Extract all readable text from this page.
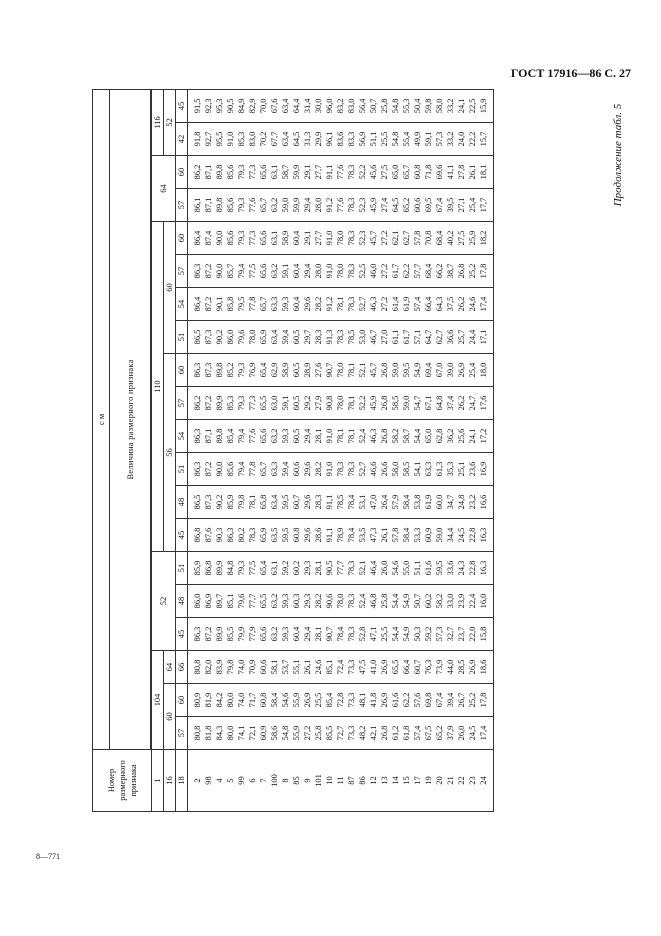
ГОСТ 17916—86 С. 27
Продолжение табл. 5
8—771
Номер размерного признака	с м																			
	Величина размерного признака																			

1	104			52			110										64		116	
16	60		64				56						60						52	
18	57	60	66	45	48	51	45	48	51	54	57	60	51	54	57	60	57	60	42	45
2	80,8	80,9	80,8	86,3	86,0	85,9	86,8	86,5	86,3	86,3	86,2	86,3	86,5	86,4	86,3	86,4	86,1	86,2	91,8	91,5
98	81,8	81,9	82,0	87,2	86,9	86,8	87,6	87,3	87,2	87,1	87,2	87,3	87,3	87,2	87,2	87,4	87,1	87,1	92,7	92,3
4	84,3	84,2	83,9	89,9	89,7	89,9	90,3	90,2	90,0	89,8	89,9	89,8	90,2	90,1	90,0	90,0	89,8	89,8	95,5	95,3
5	80,0	80,0	79,8	85,5	85,1	84,8	86,3	85,9	85,6	85,4	85,3	85,2	86,0	85,8	85,7	85,6	85,6	85,6	91,0	90,5
99	74,1	74,0	74,0	79,9	79,6	79,3	80,2	79,8	79,4	79,4	79,3	79,3	79,6	79,5	79,4	79,3	79,3	79,3	85,3	84,9
6	72,1	71,7	70,9	77,9	77,7	77,5	78,3	78,1	77,8	77,6	77,3	76,9	78,0	77,8	77,5	77,3	77,6	77,3	83,0	82,9
7	60,9	60,8	60,6	65,6	65,5	65,4	65,9	65,8	65,7	65,6	65,5	65,4	65,9	65,7	65,6	65,6	65,7	65,6	70,2	70,0
100	58,6	58,4	58,1	63,2	63,2	63,1	63,5	63,4	63,3	63,2	63,0	62,9	63,4	63,3	63,2	63,1	63,2	63,1	67,7	67,6
8	54,8	54,6	53,7	59,3	59,3	59,2	59,5	59,5	59,4	59,3	59,1	58,9	59,4	59,3	59,1	58,9	59,0	58,7	63,4	63,4
85	55,9	55,9	55,1	60,4	60,3	60,2	60,8	60,7	60,6	60,5	60,5	60,5	60,5	60,4	60,4	60,4	59,9	59,9	64,5	64,4
9	27,2	26,9	26,1	29,4	29,3	29,3	29,6	29,6	29,6	29,4	29,2	28,9	29,7	29,6	29,4	29,1	29,4	29,1	31,3	31,4
101	25,8	25,5	24,6	28,1	28,2	28,1	28,6	28,3	28,2	28,1	27,9	27,6	28,3	28,2	28,0	27,7	28,0	27,7	29,9	30,0
10	85,5	85,4	85,1	90,7	90,6	90,5	91,1	91,1	91,0	91,0	90,8	90,7	91,3	91,2	91,0	91,0	91,2	91,1	96,1	96,0
11	72,7	72,8	72,4	78,4	78,0	77,7	78,9	78,5	78,3	78,1	78,0	78,0	78,3	78,1	78,0	78,0	77,6	77,6	83,6	83,2
87	73,3	73,3	73,3	78,3	78,3	78,3	78,4	78,4	78,3	78,1	78,1	78,1	78,5	78,3	78,3	78,3	78,3	78,3	83,3	83,0
86	48,2	48,1	47,5	52,8	52,4	52,1	53,5	53,1	52,7	52,4	52,2	52,1	53,0	52,7	52,5	52,3	52,3	52,2	56,9	56,4
12	42,1	41,8	41,0	47,1	46,8	46,4	47,3	47,0	46,6	46,3	45,9	45,7	46,7	46,3	46,0	45,7	45,9	45,6	51,1	50,7
13	26,8	26,9	26,9	25,5	25,8	26,0	26,1	26,4	26,6	26,8	26,8	26,8	27,0	27,2	27,2	27,2	27,4	27,5	25,5	25,8
14	61,2	61,6	65,5	54,4	54,4	54,6	57,8	57,9	58,0	58,2	58,5	59,0	61,1	61,4	61,7	62,1	64,5	65,0	54,8	54,8
15	61,8	62,2	66,4	54,9	54,9	55,0	58,4	58,4	58,5	58,7	59,0	59,5	61,7	61,9	62,2	62,7	65,2	65,7	55,4	55,3
17	57,4	57,6	60,7	50,3	50,7	51,1	53,3	53,8	54,1	54,4	54,7	54,9	57,1	57,4	57,7	57,8	60,6	60,8	49,9	50,4
19	67,5	69,8	76,3	59,2	60,2	61,6	60,9	61,9	63,3	65,0	67,1	69,4	64,7	66,4	68,4	70,8	69,5	71,8	59,1	59,8
20	65,2	67,4	73,9	57,3	58,2	59,5	59,0	60,0	61,3	62,8	64,8	67,0	62,7	64,3	66,2	68,4	67,4	69,6	57,3	58,0
21	37,9	39,4	44,0	32,7	33,0	33,6	34,4	34,7	35,3	36,2	37,4	39,0	36,6	37,5	38,7	40,2	39,5	41,1	33,2	33,2
22	26,0	26,7	28,5	23,7	23,9	24,3	24,5	24,8	25,1	25,6	26,2	26,9	25,7	26,2	26,8	27,5	27,1	27,8	24,0	24,1
23	24,5	25,2	26,9	22,0	22,4	22,8	22,8	23,2	23,6	24,1	24,7	25,4	24,4	24,6	25,2	25,9	25,4	26,1	22,2	22,5
24	17,4	17,8	18,6	15,8	16,0	16,3	16,3	16,6	16,9	17,2	17,6	18,0	17,1	17,4	17,8	18,2	17,7	18,1	15,7	15,9
